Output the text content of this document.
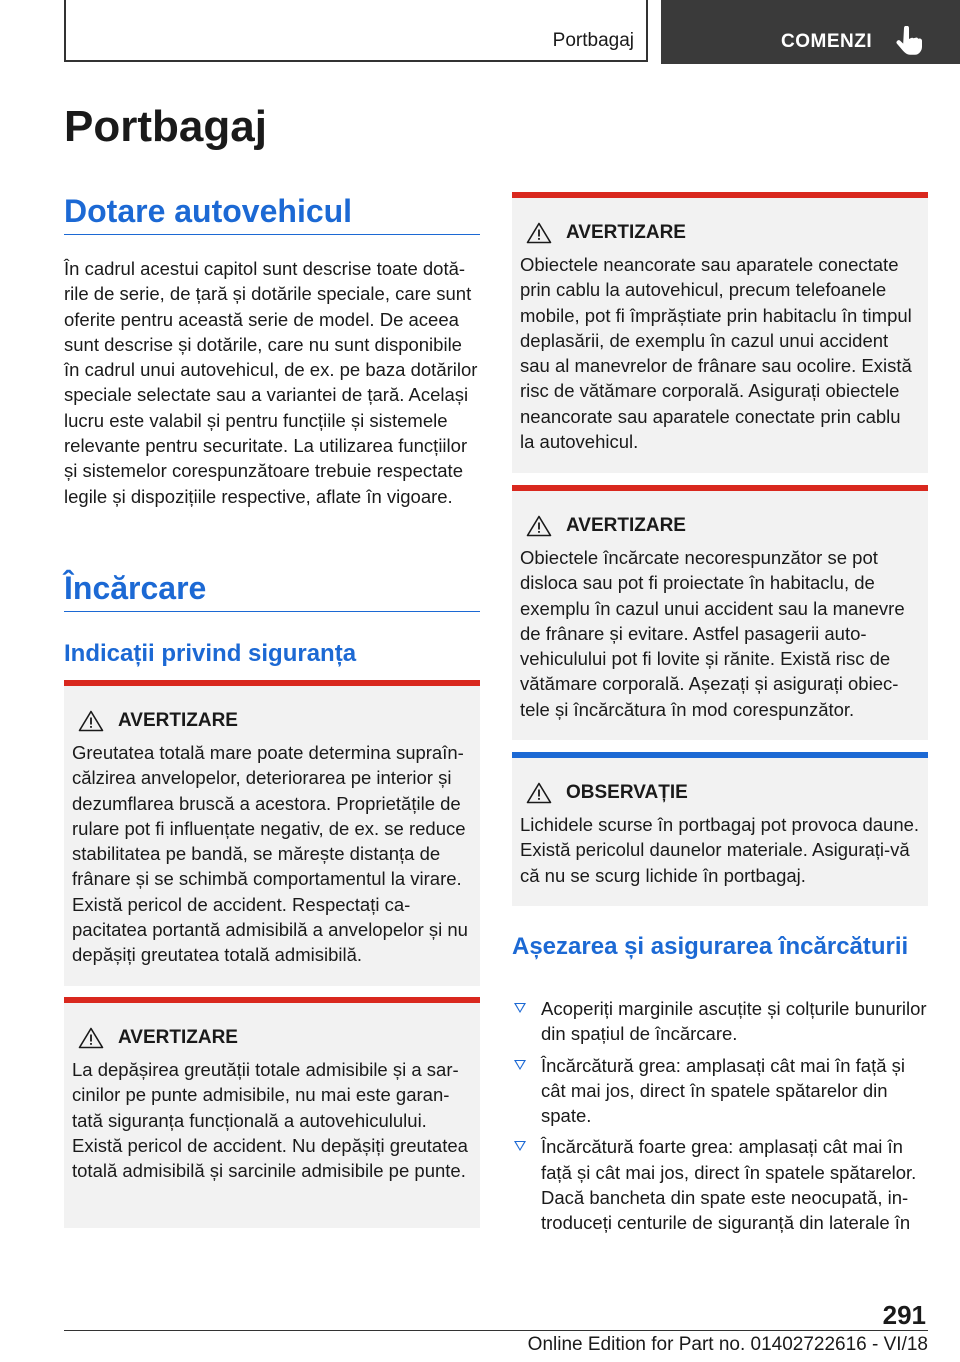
Portbagaj	COMENZI
Portbagaj
Dotare autovehicul

În cadrul acestui capitol sunt descrise toate dotările de serie, de țară și dotările speciale, care sunt oferite pentru această serie de model. De aceea sunt descrise și dotările, care nu sunt disponibile în cadrul unui autovehicul, de ex. pe baza dotărilor speciale selectate sau a variantei de țară. Același lucru este valabil și pentru funcțiile și sistemele relevante pentru securitate. La utilizarea funcțiilor și sistemelor corespunzătoare trebuie respectate legile și dispozițiile respective, aflate în vigoare.

Încărcare
Indicații privind siguranța
AVERTIZARE

Greutatea totală mare poate determina supraîncălzirea anvelopelor, deteriorarea pe interior și dezumflarea bruscă a acestora. Proprietățile de rulare pot fi influențate negativ, de ex. se reduce stabilitatea pe bandă, se mărește distanța de frânare și se schimbă comportamentul la virare. Există pericol de accident. Respectați capacitatea portantă admisibilă a anvelopelor și nu depășiți greutatea totală admisibilă.

AVERTIZARE

La depășirea greutății totale admisibile și a sarcinilor pe punte admisibile, nu mai este garantată siguranța funcțională a autovehiculului. Există pericol de accident. Nu depășiți greutatea totală admisibilă și sarcinile admisibile pe punte.

AVERTIZARE

Obiectele neancorate sau aparatele conectate prin cablu la autovehicul, precum telefoanele mobile, pot fi împrăștiate prin habitaclu în timpul deplasării, de exemplu în cazul unui accident sau al manevrelor de frânare sau ocolire. Există risc de vătămare corporală. Asigurați obiectele neancorate sau aparatele conectate prin cablu la autovehicul.

AVERTIZARE

Obiectele încărcate necorespunzător se pot disloca sau pot fi proiectate în habitaclu, de exemplu în cazul unui accident sau la manevre de frânare și evitare. Astfel pasagerii autovehiculului pot fi lovite și rănite. Există risc de vătămare corporală. Așezați și asigurați obiectele și încărcătura în mod corespunzător.

OBSERVAȚIE

Lichidele scurse în portbagaj pot provoca daune. Există pericolul daunelor materiale. Asigurați-vă că nu se scurg lichide în portbagaj.

Așezarea și asigurarea încărcăturii
Acoperiți marginile ascuțite și colțurile bunurilor din spațiul de încărcare.
Încărcătură grea: amplasați cât mai în față și cât mai jos, direct în spatele spătarelor din spate.
Încărcătură foarte grea: amplasați cât mai în față și cât mai jos, direct în spatele spătarelor. Dacă bancheta din spate este neocupată, introduceți centurile de siguranță din laterale în
291
Online Edition for Part no. 01402722616 - VI/18
